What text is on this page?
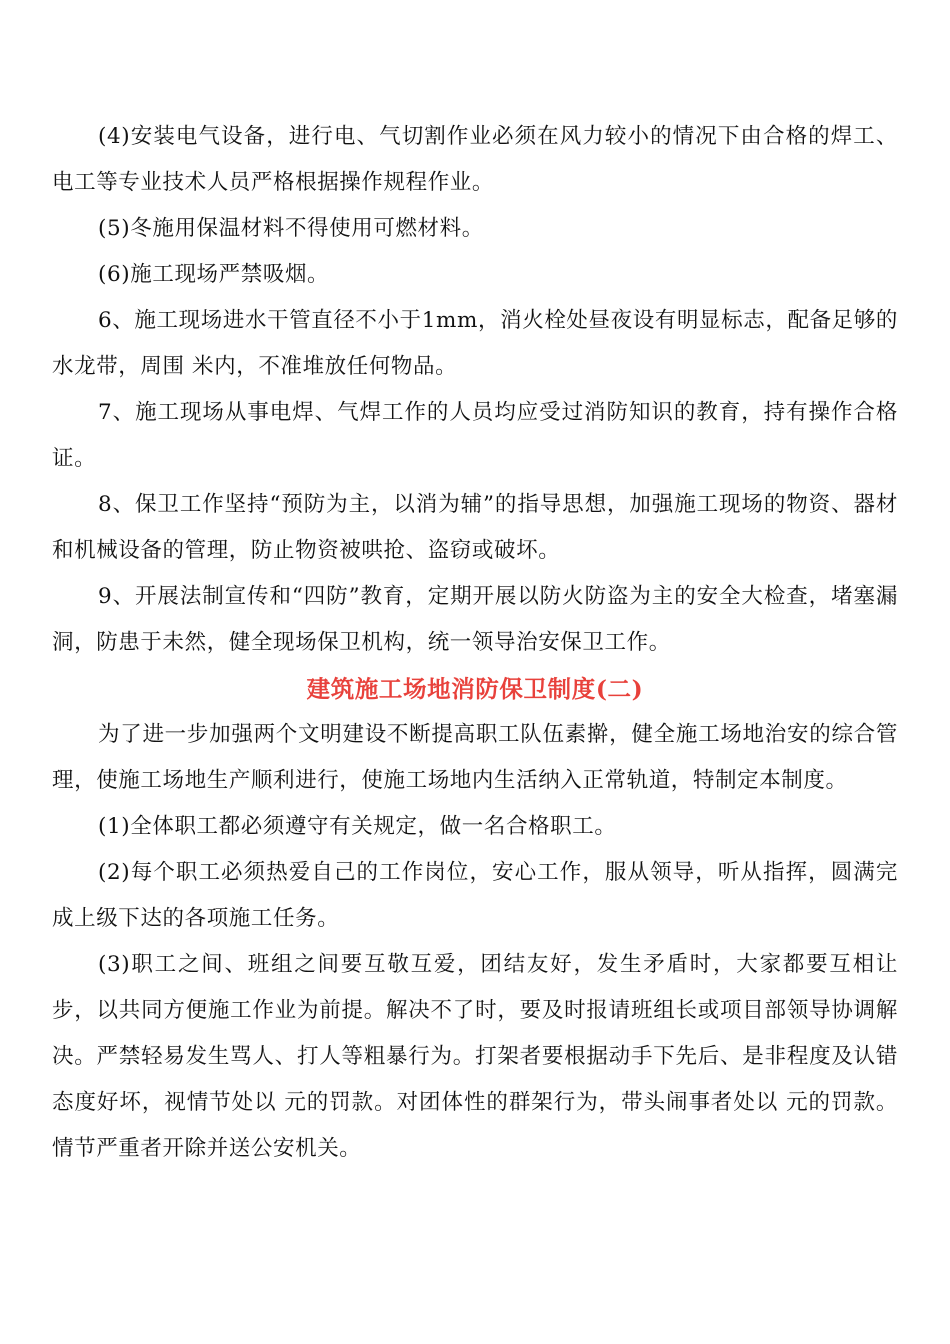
(4)安装电气设备，进行电、气切割作业必须在风力较小的情况下由合格的焊工、电工等专业技术人员严格根据操作规程作业。

(5)冬施用保温材料不得使用可燃材料。

(6)施工现场严禁吸烟。

6、施工现场进水干管直径不小于1mm，消火栓处昼夜设有明显标志，配备足够的水龙带，周围 米内，不准堆放任何物品。

7、施工现场从事电焊、气焊工作的人员均应受过消防知识的教育，持有操作合格证。

8、保卫工作坚持“预防为主，以消为辅”的指导思想，加强施工现场的物资、器材和机械设备的管理，防止物资被哄抢、盗窃或破坏。

9、开展法制宣传和“四防”教育，定期开展以防火防盗为主的安全大检查，堵塞漏洞，防患于未然，健全现场保卫机构，统一领导治安保卫工作。

建筑施工场地消防保卫制度(二)

为了进一步加强两个文明建设不断提高职工队伍素擀，健全施工场地治安的综合管理，使施工场地生产顺利进行，使施工场地内生活纳入正常轨道，特制定本制度。

(1)全体职工都必须遵守有关规定，做一名合格职工。

(2)每个职工必须热爱自己的工作岗位，安心工作，服从领导，听从指挥，圆满完成上级下达的各项施工任务。

(3)职工之间、班组之间要互敬互爱，团结友好，发生矛盾时，大家都要互相让步，以共同方便施工作业为前提。解决不了时，要及时报请班组长或项目部领导协调解决。严禁轻易发生骂人、打人等粗暴行为。打架者要根据动手下先后、是非程度及认错态度好坏，视情节处以 元的罚款。对团体性的群架行为，带头闹事者处以 元的罚款。情节严重者开除并送公安机关。
